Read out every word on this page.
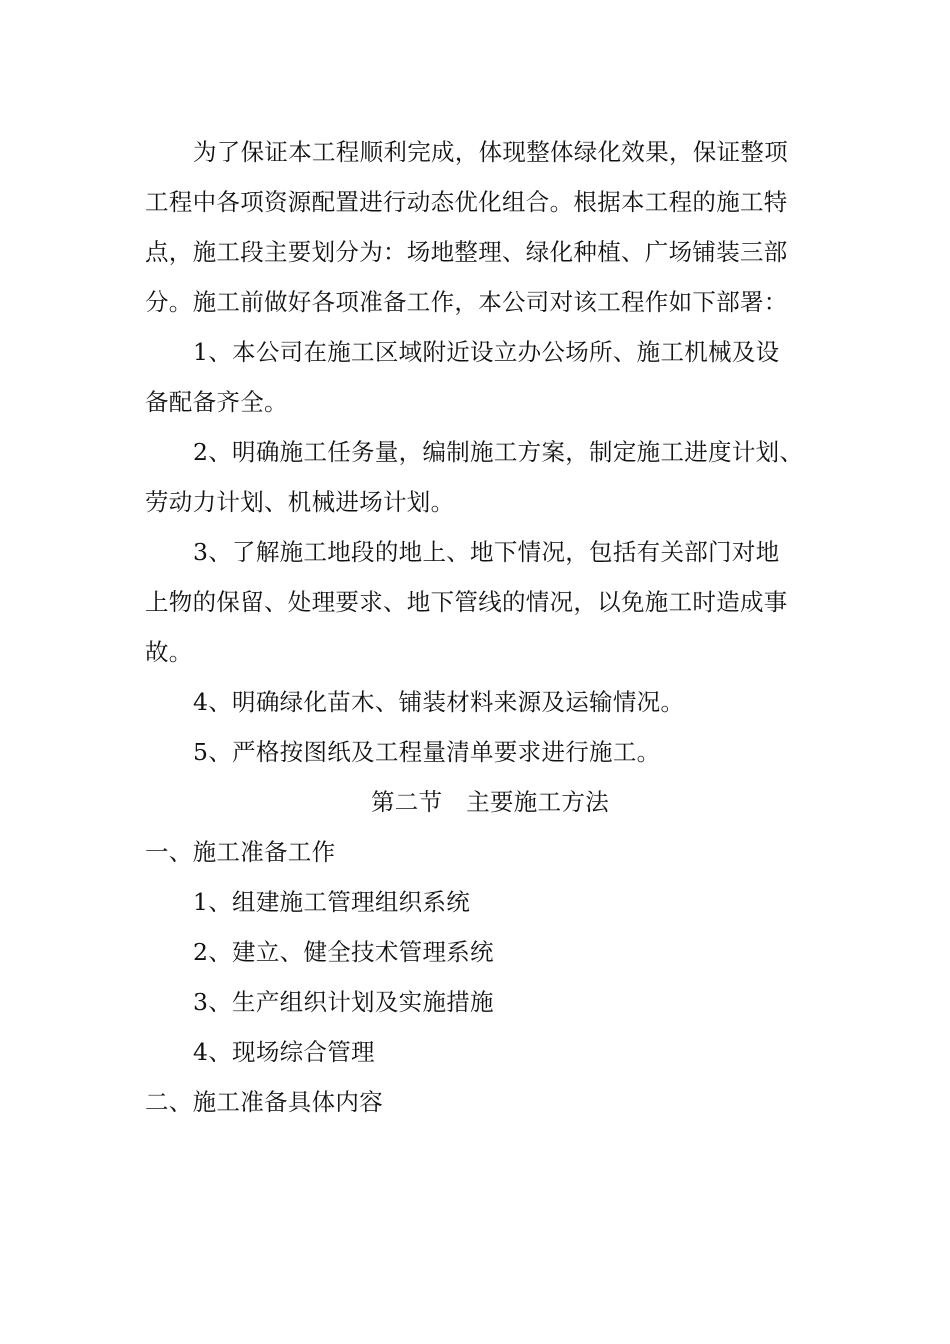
为了保证本工程顺利完成，体现整体绿化效果，保证整项
工程中各项资源配置进行动态优化组合。根据本工程的施工特
点，施工段主要划分为：场地整理、绿化种植、广场铺装三部
分。施工前做好各项准备工作，本公司对该工程作如下部署：
1、本公司在施工区域附近设立办公场所、施工机械及设
备配备齐全。
2、明确施工任务量，编制施工方案，制定施工进度计划、
劳动力计划、机械进场计划。
3、了解施工地段的地上、地下情况，包括有关部门对地
上物的保留、处理要求、地下管线的情况，以免施工时造成事
故。
4、明确绿化苗木、铺装材料来源及运输情况。
5、严格按图纸及工程量清单要求进行施工。
第二节　主要施工方法
一、施工准备工作
1、组建施工管理组织系统
2、建立、健全技术管理系统
3、生产组织计划及实施措施
4、现场综合管理
二、施工准备具体内容
